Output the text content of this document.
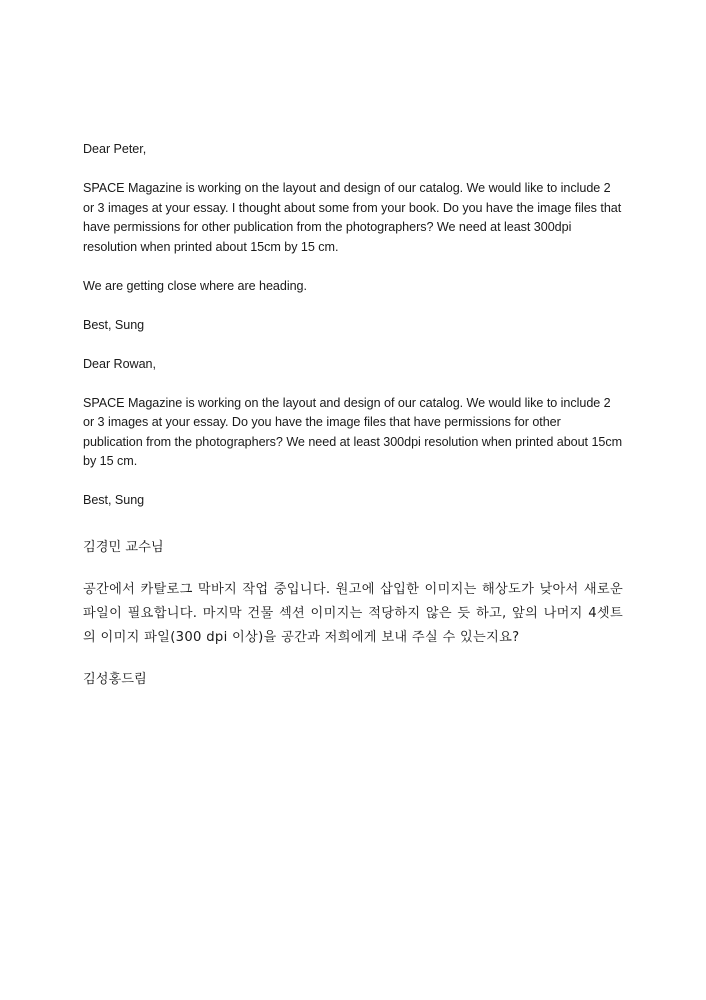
Dear Peter,

SPACE Magazine is working on the layout and design of our catalog. We would like to include 2 or 3 images at your essay. I thought about some from your book. Do you have the image files that have permissions for other publication from the photographers? We need at least 300dpi resolution when printed about 15cm by 15 cm.

We are getting close where are heading.

Best, Sung

Dear Rowan,

SPACE Magazine is working on the layout and design of our catalog. We would like to include 2 or 3 images at your essay. Do you have the image files that have permissions for other publication from the photographers? We need at least 300dpi resolution when printed about 15cm by 15 cm.

Best, Sung

김경민 교수님

공간에서 카탈로그 막바지 작업 중입니다. 원고에 삽입한 이미지는 해상도가 낮아서 새로운 파일이 필요합니다. 마지막 건물 섹션 이미지는 적당하지 않은 듯 하고, 앞의 나머지 4셋트의 이미지 파일(300 dpi 이상)을 공간과 저희에게 보내 주실 수 있는지요?

김성홍드림
